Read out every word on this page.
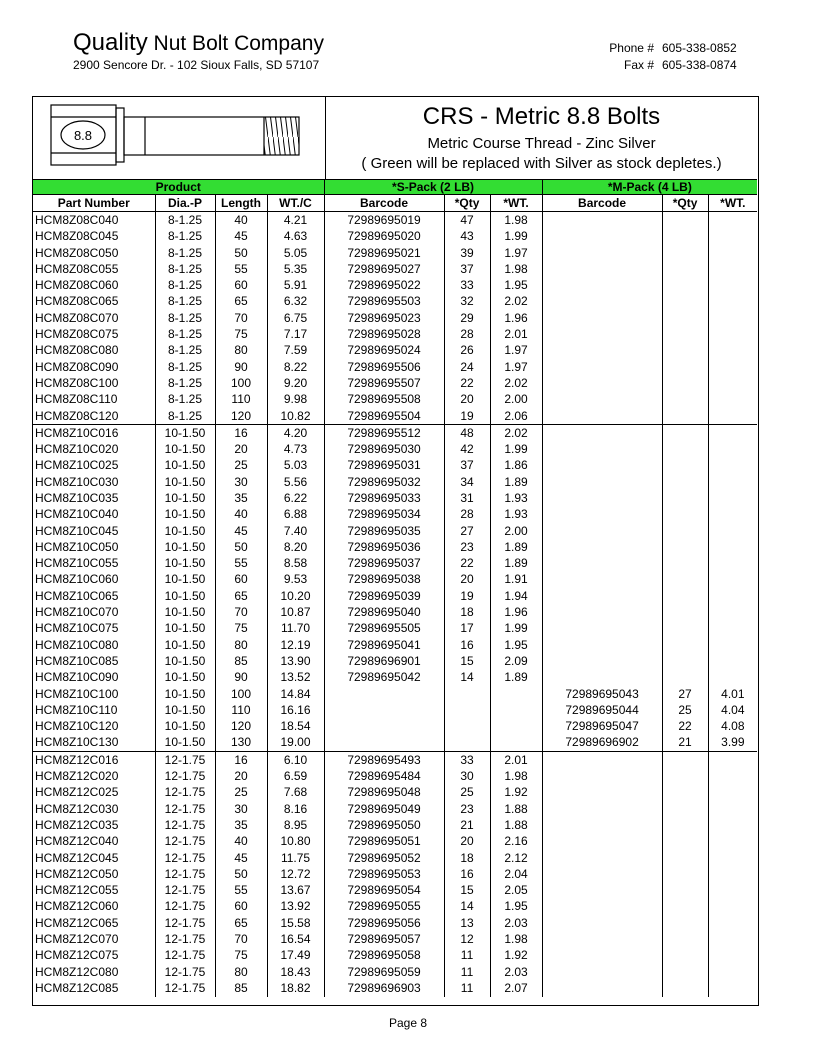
Quality Nut Bolt Company
2900 Sencore Dr. - 102 Sioux Falls, SD 57107
Phone # 605-338-0852
Fax # 605-338-0874
8.8
CRS - Metric 8.8 Bolts
Metric Course Thread - Zinc Silver
( Green will be replaced with Silver as stock depletes.)
Product				*S-Pack (2 LB)			*M-Pack (4 LB)		
Part Number	Dia.-P	Length	WT./C	Barcode	*Qty	*WT.	Barcode	*Qty	*WT.
HCM8Z08C040	8-1.25	40	4.21	72989695019	47	1.98			
HCM8Z08C045	8-1.25	45	4.63	72989695020	43	1.99			
HCM8Z08C050	8-1.25	50	5.05	72989695021	39	1.97			
HCM8Z08C055	8-1.25	55	5.35	72989695027	37	1.98			
HCM8Z08C060	8-1.25	60	5.91	72989695022	33	1.95			
HCM8Z08C065	8-1.25	65	6.32	72989695503	32	2.02			
HCM8Z08C070	8-1.25	70	6.75	72989695023	29	1.96			
HCM8Z08C075	8-1.25	75	7.17	72989695028	28	2.01			
HCM8Z08C080	8-1.25	80	7.59	72989695024	26	1.97			
HCM8Z08C090	8-1.25	90	8.22	72989695506	24	1.97			
HCM8Z08C100	8-1.25	100	9.20	72989695507	22	2.02			
HCM8Z08C110	8-1.25	110	9.98	72989695508	20	2.00			
HCM8Z08C120	8-1.25	120	10.82	72989695504	19	2.06			
HCM8Z10C016	10-1.50	16	4.20	72989695512	48	2.02			
HCM8Z10C020	10-1.50	20	4.73	72989695030	42	1.99			
HCM8Z10C025	10-1.50	25	5.03	72989695031	37	1.86			
HCM8Z10C030	10-1.50	30	5.56	72989695032	34	1.89			
HCM8Z10C035	10-1.50	35	6.22	72989695033	31	1.93			
HCM8Z10C040	10-1.50	40	6.88	72989695034	28	1.93			
HCM8Z10C045	10-1.50	45	7.40	72989695035	27	2.00			
HCM8Z10C050	10-1.50	50	8.20	72989695036	23	1.89			
HCM8Z10C055	10-1.50	55	8.58	72989695037	22	1.89			
HCM8Z10C060	10-1.50	60	9.53	72989695038	20	1.91			
HCM8Z10C065	10-1.50	65	10.20	72989695039	19	1.94			
HCM8Z10C070	10-1.50	70	10.87	72989695040	18	1.96			
HCM8Z10C075	10-1.50	75	11.70	72989695505	17	1.99			
HCM8Z10C080	10-1.50	80	12.19	72989695041	16	1.95			
HCM8Z10C085	10-1.50	85	13.90	72989696901	15	2.09			
HCM8Z10C090	10-1.50	90	13.52	72989695042	14	1.89			
HCM8Z10C100	10-1.50	100	14.84				72989695043	27	4.01
HCM8Z10C110	10-1.50	110	16.16				72989695044	25	4.04
HCM8Z10C120	10-1.50	120	18.54				72989695047	22	4.08
HCM8Z10C130	10-1.50	130	19.00				72989696902	21	3.99
HCM8Z12C016	12-1.75	16	6.10	72989695493	33	2.01			
HCM8Z12C020	12-1.75	20	6.59	72989695484	30	1.98			
HCM8Z12C025	12-1.75	25	7.68	72989695048	25	1.92			
HCM8Z12C030	12-1.75	30	8.16	72989695049	23	1.88			
HCM8Z12C035	12-1.75	35	8.95	72989695050	21	1.88			
HCM8Z12C040	12-1.75	40	10.80	72989695051	20	2.16			
HCM8Z12C045	12-1.75	45	11.75	72989695052	18	2.12			
HCM8Z12C050	12-1.75	50	12.72	72989695053	16	2.04			
HCM8Z12C055	12-1.75	55	13.67	72989695054	15	2.05			
HCM8Z12C060	12-1.75	60	13.92	72989695055	14	1.95			
HCM8Z12C065	12-1.75	65	15.58	72989695056	13	2.03			
HCM8Z12C070	12-1.75	70	16.54	72989695057	12	1.98			
HCM8Z12C075	12-1.75	75	17.49	72989695058	11	1.92			
HCM8Z12C080	12-1.75	80	18.43	72989695059	11	2.03			
HCM8Z12C085	12-1.75	85	18.82	72989696903	11	2.07			
Page 8
